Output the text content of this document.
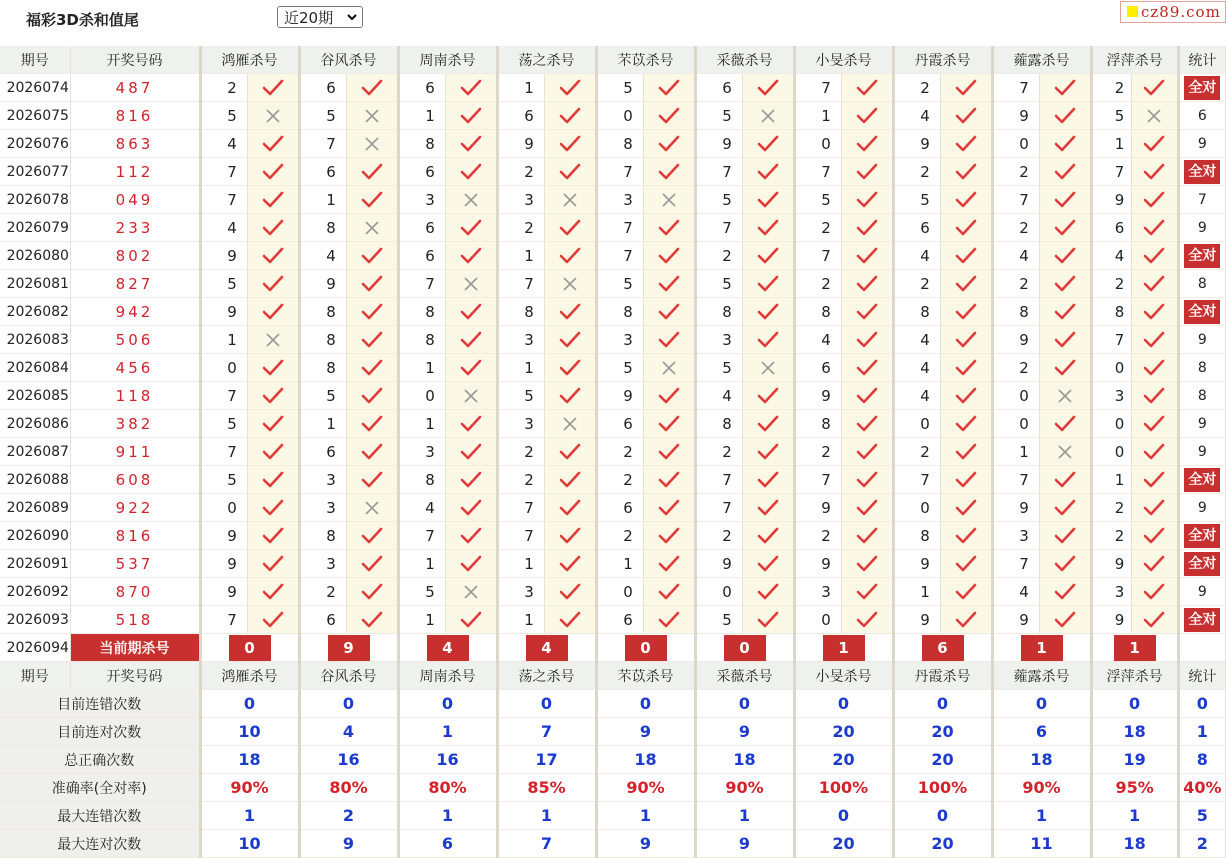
福彩3D杀和值尾	近20期	cz89.com
期号	开奖号码	鸿雁杀号		谷风杀号		周南杀号		荡之杀号		芣苡杀号		采薇杀号		小旻杀号		丹霞杀号		蕹露杀号		浮萍杀号		统计
2026074	487	2		6		6		1		5		6		7		2		7		2		全对
2026075	816	5		5		1		6		0		5		1		4		9		5		6
2026076	863	4		7		8		9		8		9		0		9		0		1		9
2026077	112	7		6		6		2		7		7		7		2		2		7		全对
2026078	049	7		1		3		3		3		5		5		5		7		9		7
2026079	233	4		8		6		2		7		7		2		6		2		6		9
2026080	802	9		4		6		1		7		2		7		4		4		4		全对
2026081	827	5		9		7		7		5		5		2		2		2		2		8
2026082	942	9		8		8		8		8		8		8		8		8		8		全对
2026083	506	1		8		8		3		3		3		4		4		9		7		9
2026084	456	0		8		1		1		5		5		6		4		2		0		8
2026085	118	7		5		0		5		9		4		9		4		0		3		8
2026086	382	5		1		1		3		6		8		8		0		0		0		9
2026087	911	7		6		3		2		2		2		2		2		1		0		9
2026088	608	5		3		8		2		2		7		7		7		7		1		全对
2026089	922	0		3		4		7		6		7		9		0		9		2		9
2026090	816	9		8		7		7		2		2		2		8		3		2		全对
2026091	537	9		3		1		1		1		9		9		9		7		9		全对
2026092	870	9		2		5		3		0		0		3		1		4		3		9
2026093	518	7		6		1		1		6		5		0		9		9		9		全对
2026094	当前期杀号	0		9		4		4		0		0		1		6		1		1		
期号	开奖号码	鸿雁杀号		谷风杀号		周南杀号		荡之杀号		芣苡杀号		采薇杀号		小旻杀号		丹霞杀号		蕹露杀号		浮萍杀号		统计
目前连错次数		0		0		0		0		0		0		0		0		0		0		0
目前连对次数		10		4		1		7		9		9		20		20		6		18		1
总正确次数		18		16		16		17		18		18		20		20		18		19		8
准确率(全对率)		90%		80%		80%		85%		90%		90%		100%		100%		90%		95%		40%
最大连错次数		1		2		1		1		1		1		0		0		1		1		5
最大连对次数		10		9		6		7		9		9		20		20		11		18		2
